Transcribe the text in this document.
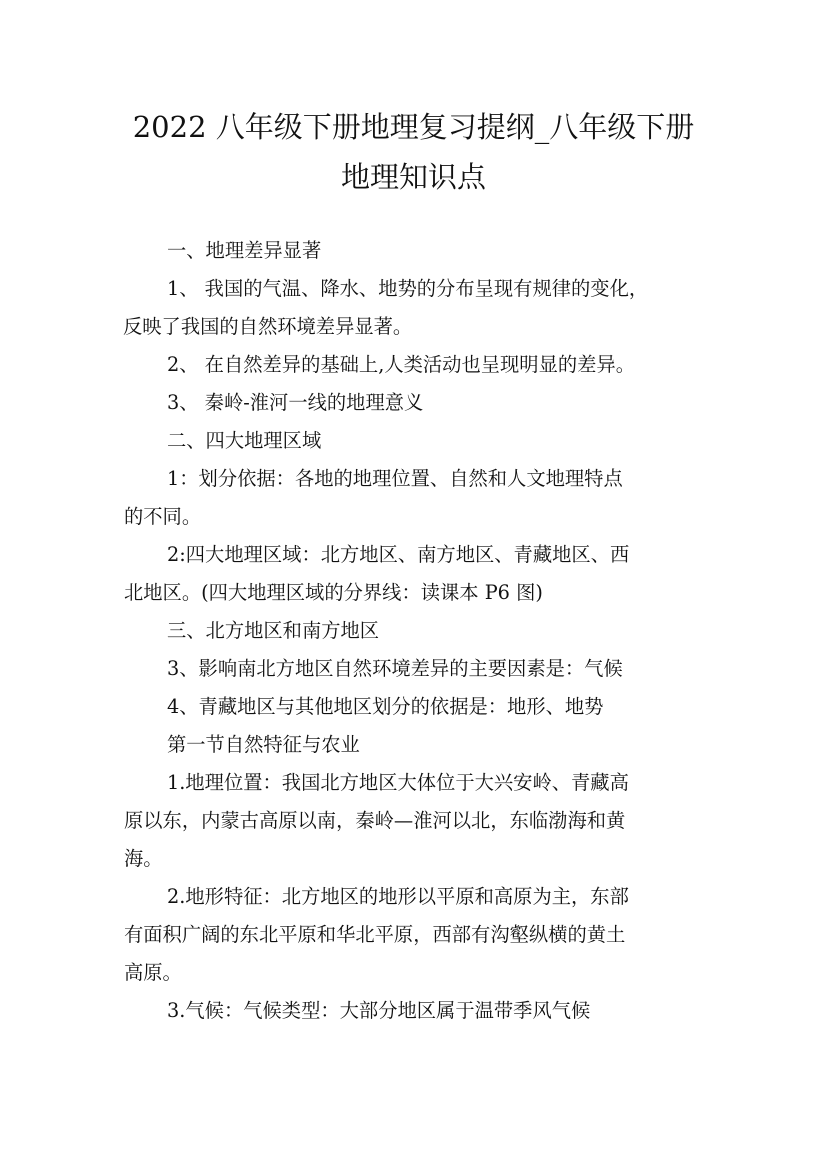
2022 八年级下册地理复习提纲_八年级下册
地理知识点
一、地理差异显著
1、 我国的气温、降水、地势的分布呈现有规律的变化，
反映了我国的自然环境差异显著。
2、 在自然差异的基础上,人类活动也呈现明显的差异。
3、 秦岭-淮河一线的地理意义
二、四大地理区域
1：划分依据：各地的地理位置、自然和人文地理特点
的不同。
2:四大地理区域：北方地区、南方地区、青藏地区、西
北地区。(四大地理区域的分界线：读课本 P6 图)
三、北方地区和南方地区
3、影响南北方地区自然环境差异的主要因素是：气候
4、青藏地区与其他地区划分的依据是：地形、地势
第一节自然特征与农业
1.地理位置：我国北方地区大体位于大兴安岭、青藏高
原以东，内蒙古高原以南，秦岭—淮河以北，东临渤海和黄
海。
2.地形特征：北方地区的地形以平原和高原为主，东部
有面积广阔的东北平原和华北平原，西部有沟壑纵横的黄土
高原。
3.气候：气候类型：大部分地区属于温带季风气候
